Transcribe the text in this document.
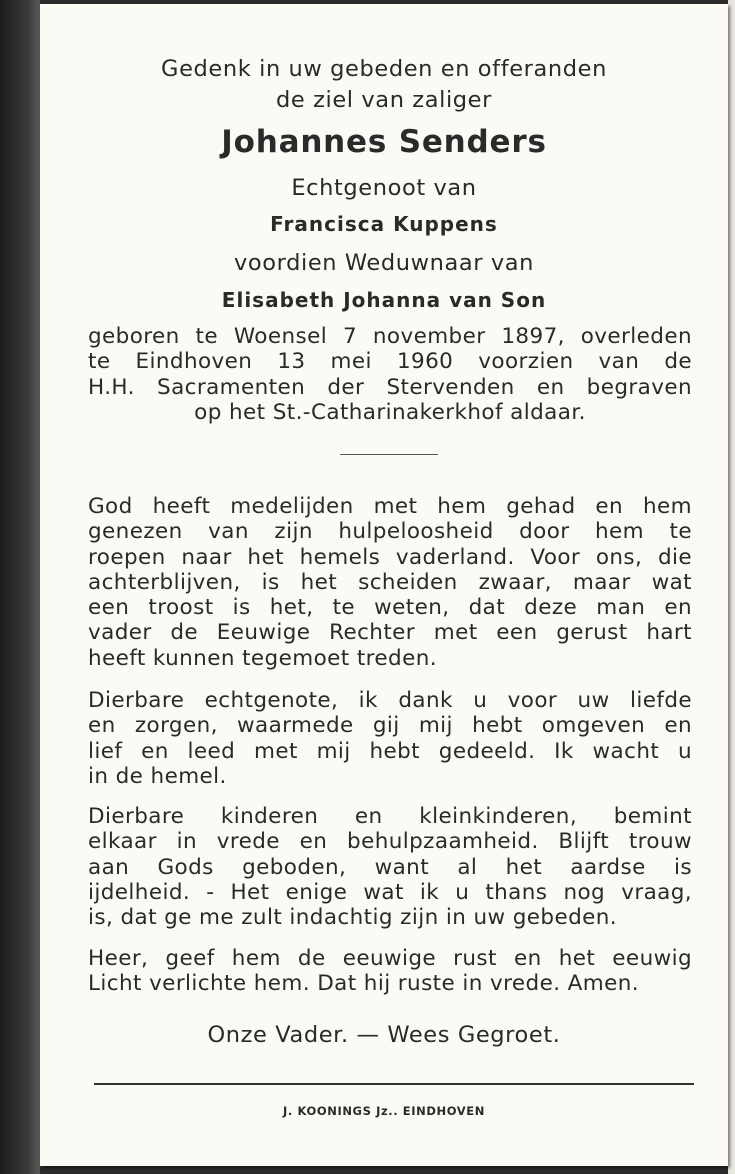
Gedenk in uw gebeden en offeranden

de ziel van zaliger

Johannes Senders

Echtgenoot van

Francisca Kuppens

voordien Weduwnaar van

Elisabeth Johanna van Son

geboren te Woensel 7 november 1897, overleden
te Eindhoven 13 mei 1960 voorzien van de
H.H. Sacramenten der Stervenden en begraven
op het St.-Catharinakerkhof aldaar.
God heeft medelijden met hem gehad en hem
genezen van zijn hulpeloosheid door hem te
roepen naar het hemels vaderland. Voor ons, die
achterblijven, is het scheiden zwaar, maar wat
een troost is het, te weten, dat deze man en
vader de Eeuwige Rechter met een gerust hart
heeft kunnen tegemoet treden.
Dierbare echtgenote, ik dank u voor uw liefde
en zorgen, waarmede gij mij hebt omgeven en
lief en leed met mij hebt gedeeld. Ik wacht u
in de hemel.
Dierbare kinderen en kleinkinderen, bemint
elkaar in vrede en behulpzaamheid. Blijft trouw
aan Gods geboden, want al het aardse is
ijdelheid. - Het enige wat ik u thans nog vraag,
is, dat ge me zult indachtig zijn in uw gebeden.
Heer, geef hem de eeuwige rust en het eeuwig
Licht verlichte hem. Dat hij ruste in vrede. Amen.

Onze Vader. — Wees Gegroet.

J. KOONINGS Jz.. EINDHOVEN
